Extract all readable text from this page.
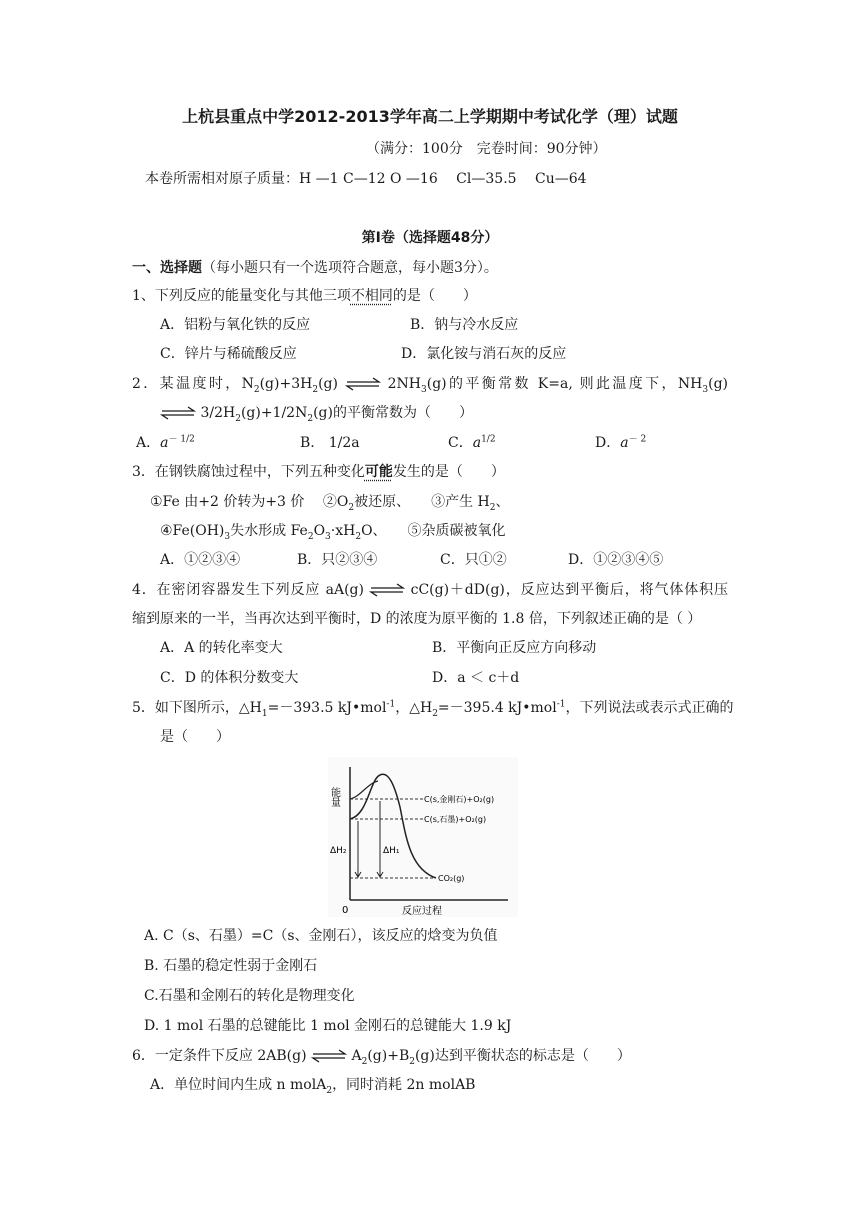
上杭县重点中学2012-2013学年高二上学期期中考试化学（理）试题
（满分：100分　完卷时间：90分钟）
本卷所需相对原子质量：H —1 C—12 O —16　 Cl—35.5　 Cu—64
第Ⅰ卷（选择题48分）
一、选择题（每小题只有一个选项符合题意，每小题3分）。
1、下列反应的能量变化与其他三项不相同的是（　　）
A．铝粉与氧化铁的反应	B．钠与冷水反应
C．锌片与稀硫酸反应	D．氯化铵与消石灰的反应
2．某温度时，$N_2(g)+3H_2(g)$ ⇌ $2NH_3(g)$的平衡常数 K=a, 则此温度下，$NH_3(g)$
⇌ $3/2H_2(g)+1/2N_2(g)$的平衡常数为（　　）
A．$a^{- 1/2}$	B.　1/2a	C．$a^{1/2}$	D．$a^{- 2}$
3．在钢铁腐蚀过程中，下列五种变化可能发生的是（　　）
①Fe 由+2 价转为+3 价　 $②O_2$被还原、　　③产生 $H_2$、
$④Fe(OH)_3$失水形成 $Fe_2O_3\cdot xH_2O$、　　⑤杂质碳被氧化
A．①②③④	B．只②③④	C．只①②	D．①②③④⑤
4．在密闭容器发生下列反应 aA(g) ⇌ cC(g)＋dD(g)，反应达到平衡后，将气体体积压
缩到原来的一半，当再次达到平衡时，D 的浓度为原平衡的 1.8 倍，下列叙述正确的是（ ）
A．A 的转化率变大	B．平衡向正反应方向移动
C．D 的体积分数变大	D．a ＜ c＋d
5．如下图所示，$\triangle H_1=-393.5$ kJ•mol$^{-1}$，$\triangle H_2=-395.4$ kJ•mol$^{-1}$，下列说法或表示式正确的
是（　　）
能量
0	反应过程
C(s,金刚石)+O₂(g)
C(s,石墨)+O₂(g)
CO₂(g)
ΔH₂	ΔH₁
A. C（s、石墨）=C（s、金刚石），该反应的焓变为负值
B. 石墨的稳定性弱于金刚石
C.石墨和金刚石的转化是物理变化
D. 1 mol 石墨的总键能比 1 mol 金刚石的总键能大 1.9 kJ
6．一定条件下反应 2AB(g) ⇌ $A_2(g)+B_2(g)$达到平衡状态的标志是（　　）
A．单位时间内生成 n molA$_2$，同时消耗 2n molAB
